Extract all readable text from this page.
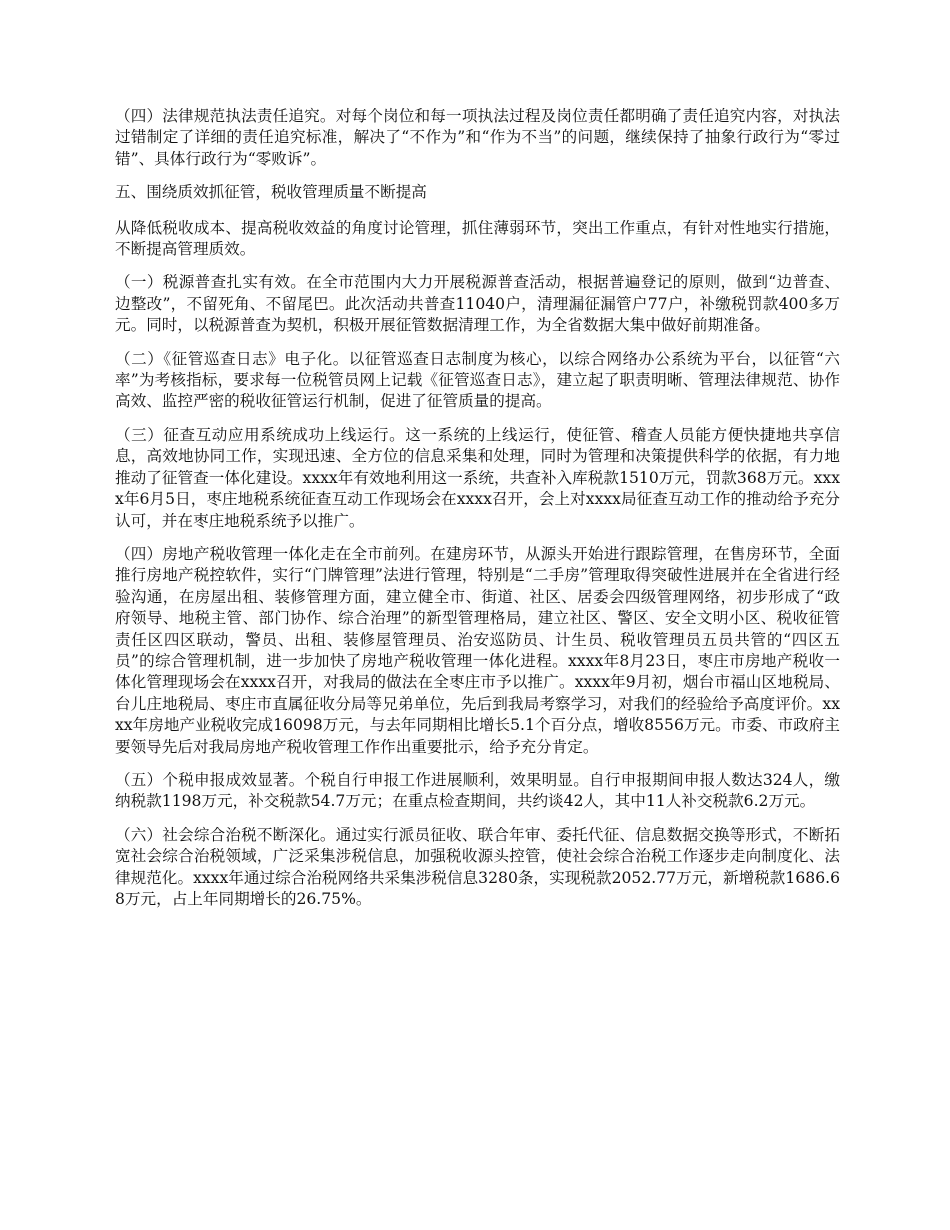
（四）法律规范执法责任追究。对每个岗位和每一项执法过程及岗位责任都明确了责任追究内容，对执法过错制定了详细的责任追究标准，解决了“不作为”和“作为不当”的问题，继续保持了抽象行政行为“零过错”、具体行政行为“零败诉”。

五、围绕质效抓征管，税收管理质量不断提高

从降低税收成本、提高税收效益的角度讨论管理，抓住薄弱环节，突出工作重点，有针对性地实行措施，不断提高管理质效。

（一）税源普查扎实有效。在全市范围内大力开展税源普查活动，根据普遍登记的原则，做到“边普查、边整改”，不留死角、不留尾巴。此次活动共普查11040户，清理漏征漏管户77户，补缴税罚款400多万元。同时，以税源普查为契机，积极开展征管数据清理工作，为全省数据大集中做好前期准备。

（二）《征管巡查日志》电子化。以征管巡查日志制度为核心，以综合网络办公系统为平台，以征管“六率”为考核指标，要求每一位税管员网上记载《征管巡查日志》，建立起了职责明晰、管理法律规范、协作高效、监控严密的税收征管运行机制，促进了征管质量的提高。

（三）征查互动应用系统成功上线运行。这一系统的上线运行，使征管、稽查人员能方便快捷地共享信息，高效地协同工作，实现迅速、全方位的信息采集和处理，同时为管理和决策提供科学的依据，有力地推动了征管查一体化建设。xxxx年有效地利用这一系统，共查补入库税款1510万元，罚款368万元。xxxx年6月5日，枣庄地税系统征查互动工作现场会在xxxx召开，会上对xxxx局征查互动工作的推动给予充分认可，并在枣庄地税系统予以推广。

（四）房地产税收管理一体化走在全市前列。在建房环节，从源头开始进行跟踪管理，在售房环节，全面推行房地产税控软件，实行“门牌管理”法进行管理，特别是“二手房”管理取得突破性进展并在全省进行经验沟通，在房屋出租、装修管理方面，建立健全市、街道、社区、居委会四级管理网络，初步形成了“政府领导、地税主管、部门协作、综合治理”的新型管理格局，建立社区、警区、安全文明小区、税收征管责任区四区联动，警员、出租、装修屋管理员、治安巡防员、计生员、税收管理员五员共管的“四区五员”的综合管理机制，进一步加快了房地产税收管理一体化进程。xxxx年8月23日，枣庄市房地产税收一体化管理现场会在xxxx召开，对我局的做法在全枣庄市予以推广。xxxx年9月初，烟台市福山区地税局、台儿庄地税局、枣庄市直属征收分局等兄弟单位，先后到我局考察学习，对我们的经验给予高度评价。xxxx年房地产业税收完成16098万元，与去年同期相比增长5.1个百分点，增收8556万元。市委、市政府主要领导先后对我局房地产税收管理工作作出重要批示，给予充分肯定。

（五）个税申报成效显著。个税自行申报工作进展顺利，效果明显。自行申报期间申报人数达324人，缴纳税款1198万元，补交税款54.7万元；在重点检查期间，共约谈42人，其中11人补交税款6.2万元。

（六）社会综合治税不断深化。通过实行派员征收、联合年审、委托代征、信息数据交换等形式，不断拓宽社会综合治税领域，广泛采集涉税信息，加强税收源头控管，使社会综合治税工作逐步走向制度化、法律规范化。xxxx年通过综合治税网络共采集涉税信息3280条，实现税款2052.77万元，新增税款1686.68万元，占上年同期增长的26.75%。
